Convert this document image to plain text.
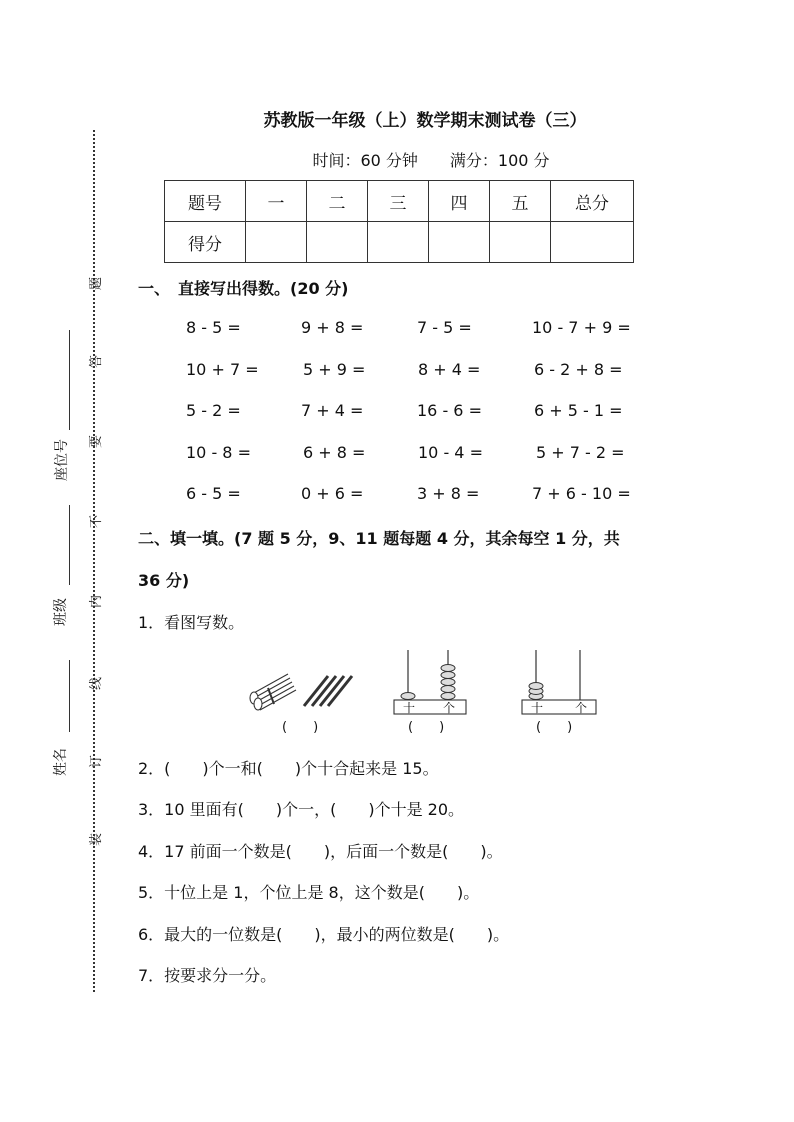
题
答
要
不
内
线
订
装
座位号
班级
姓名
苏教版一年级（上）数学期末测试卷（三）
时间：60 分钟　　满分：100 分
题号	一	二	三	四	五	总分
得分						
一、　直接写出得数。(20 分)
8 - 5 =	9 + 8 =	7 - 5 =	10 - 7 + 9 =
10 + 7 =	5 + 9 =	8 + 4 =	6 - 2 + 8 =
5 - 2 =	7 + 4 =	16 - 6 =	6 + 5 - 1 =
10 - 8 =	6 + 8 =	10 - 4 =	5 + 7 - 2 =
6 - 5 =	0 + 6 =	3 + 8 =	7 + 6 - 10 =
二、填一填。(7 题 5 分，9、11 题每题 4 分，其余每空 1 分，共
36 分)
1．看图写数。
(　　)
十 个
(　　)
十	个
(　　)
2．(　　)个一和(　　)个十合起来是 15。
3．10 里面有(　　)个一，(　　)个十是 20。
4．17 前面一个数是(　　)，后面一个数是(　　)。
5．十位上是 1，个位上是 8，这个数是(　　)。
6．最大的一位数是(　　)，最小的两位数是(　　)。
7．按要求分一分。
